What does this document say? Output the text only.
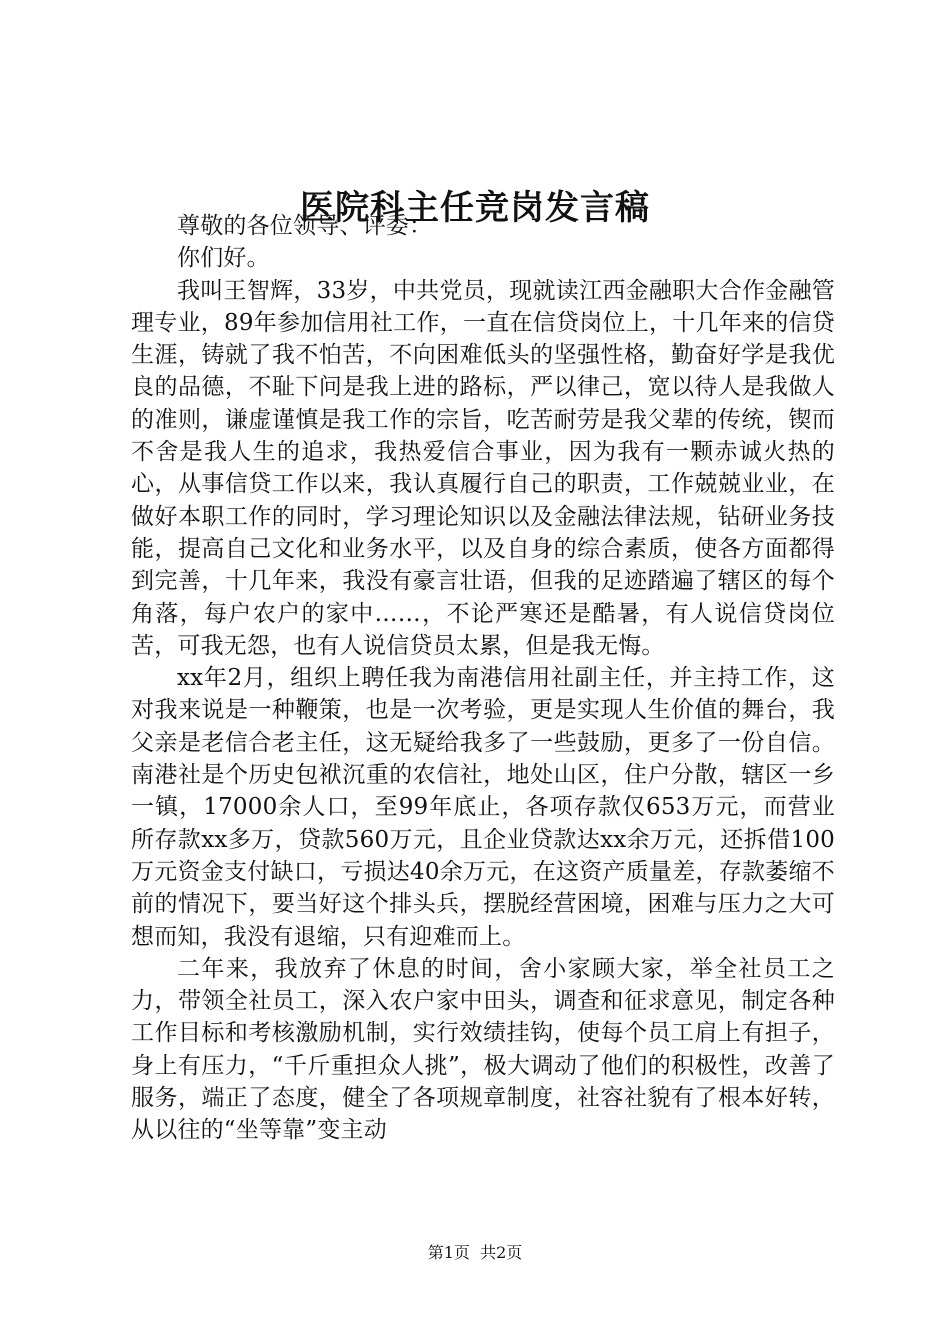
医院科主任竞岗发言稿

尊敬的各位领导、评委：

你们好。

我叫王智辉，33岁，中共党员，现就读江西金融职大合作金融管理专业，89年参加信用社工作，一直在信贷岗位上，十几年来的信贷生涯，铸就了我不怕苦，不向困难低头的坚强性格，勤奋好学是我优良的品德，不耻下问是我上进的路标，严以律己，宽以待人是我做人的准则，谦虚谨慎是我工作的宗旨，吃苦耐劳是我父辈的传统，锲而不舍是我人生的追求，我热爱信合事业，因为我有一颗赤诚火热的心，从事信贷工作以来，我认真履行自己的职责，工作兢兢业业，在做好本职工作的同时，学习理论知识以及金融法律法规，钻研业务技能，提高自己文化和业务水平，以及自身的综合素质，使各方面都得到完善，十几年来，我没有豪言壮语，但我的足迹踏遍了辖区的每个角落，每户农户的家中……，不论严寒还是酷暑，有人说信贷岗位苦，可我无怨，也有人说信贷员太累，但是我无悔。

xx年2月，组织上聘任我为南港信用社副主任，并主持工作，这对我来说是一种鞭策，也是一次考验，更是实现人生价值的舞台，我父亲是老信合老主任，这无疑给我多了一些鼓励，更多了一份自信。南港社是个历史包袱沉重的农信社，地处山区，住户分散，辖区一乡一镇，17000余人口，至99年底止，各项存款仅653万元，而营业所存款xx多万，贷款560万元，且企业贷款达xx余万元，还拆借100万元资金支付缺口，亏损达40余万元，在这资产质量差，存款萎缩不前的情况下，要当好这个排头兵，摆脱经营困境，困难与压力之大可想而知，我没有退缩，只有迎难而上。

二年来，我放弃了休息的时间，舍小家顾大家，举全社员工之力，带领全社员工，深入农户家中田头，调查和征求意见，制定各种工作目标和考核激励机制，实行效绩挂钩，使每个员工肩上有担子，身上有压力，“千斤重担众人挑”，极大调动了他们的积极性，改善了服务，端正了态度，健全了各项规章制度，社容社貌有了根本好转，从以往的“坐等靠”变主动

第1页 共2页
